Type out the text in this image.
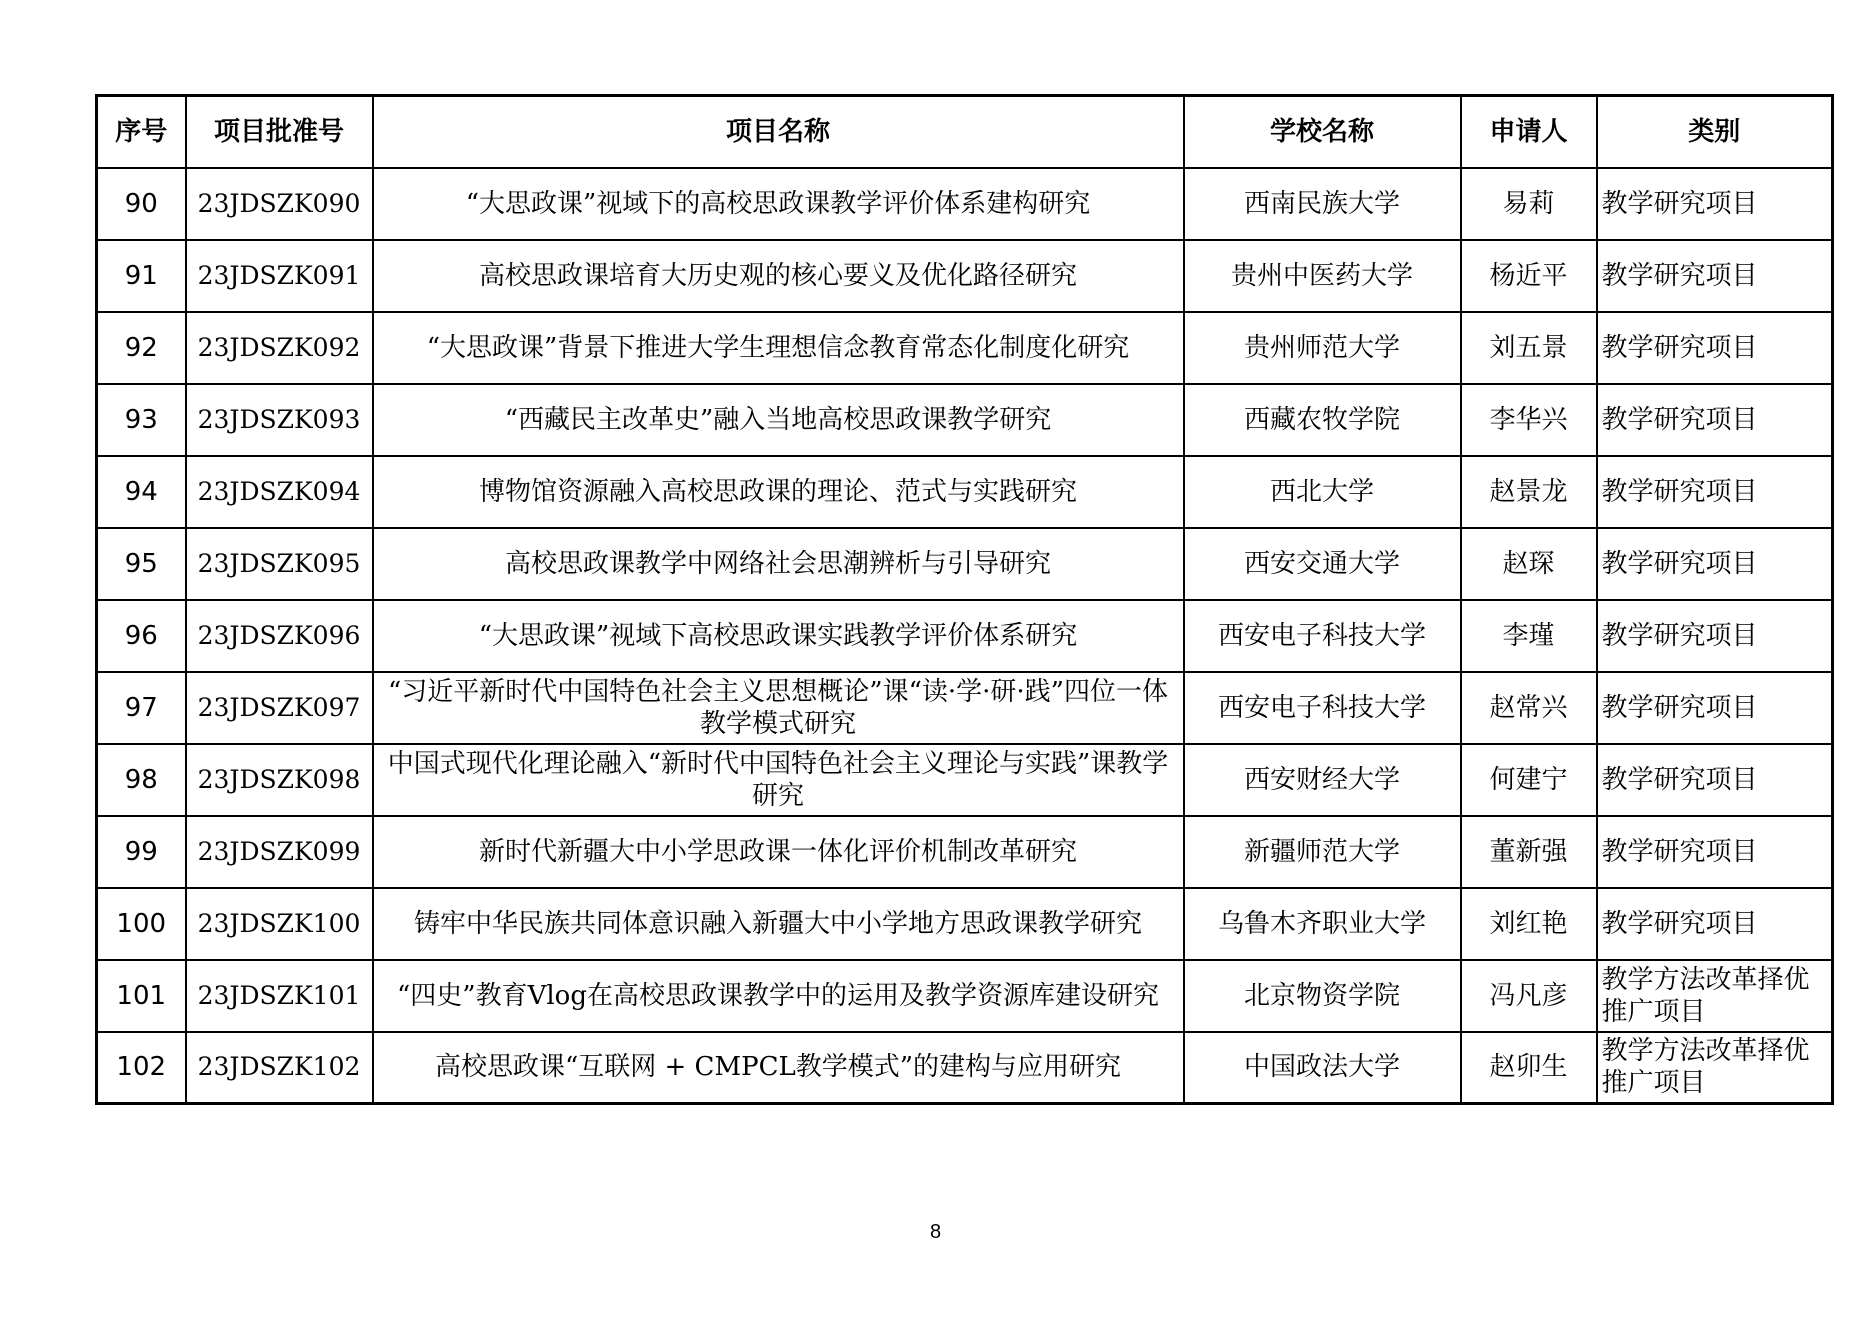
序号	项目批准号	项目名称	学校名称	申请人	类别
90	23JDSZK090	“大思政课”视域下的高校思政课教学评价体系建构研究	西南民族大学	易莉	教学研究项目
91	23JDSZK091	高校思政课培育大历史观的核心要义及优化路径研究	贵州中医药大学	杨近平	教学研究项目
92	23JDSZK092	“大思政课”背景下推进大学生理想信念教育常态化制度化研究	贵州师范大学	刘五景	教学研究项目
93	23JDSZK093	“西藏民主改革史”融入当地高校思政课教学研究	西藏农牧学院	李华兴	教学研究项目
94	23JDSZK094	博物馆资源融入高校思政课的理论、范式与实践研究	西北大学	赵景龙	教学研究项目
95	23JDSZK095	高校思政课教学中网络社会思潮辨析与引导研究	西安交通大学	赵琛	教学研究项目
96	23JDSZK096	“大思政课”视域下高校思政课实践教学评价体系研究	西安电子科技大学	李瑾	教学研究项目
97	23JDSZK097	“习近平新时代中国特色社会主义思想概论”课“读·学·研·践”四位一体教学模式研究	西安电子科技大学	赵常兴	教学研究项目
98	23JDSZK098	中国式现代化理论融入“新时代中国特色社会主义理论与实践”课教学研究	西安财经大学	何建宁	教学研究项目
99	23JDSZK099	新时代新疆大中小学思政课一体化评价机制改革研究	新疆师范大学	董新强	教学研究项目
100	23JDSZK100	铸牢中华民族共同体意识融入新疆大中小学地方思政课教学研究	乌鲁木齐职业大学	刘红艳	教学研究项目
101	23JDSZK101	“四史”教育Vlog在高校思政课教学中的运用及教学资源库建设研究	北京物资学院	冯凡彦	教学方法改革择优推广项目
102	23JDSZK102	高校思政课“互联网 + CMPCL教学模式”的建构与应用研究	中国政法大学	赵卯生	教学方法改革择优推广项目
8
